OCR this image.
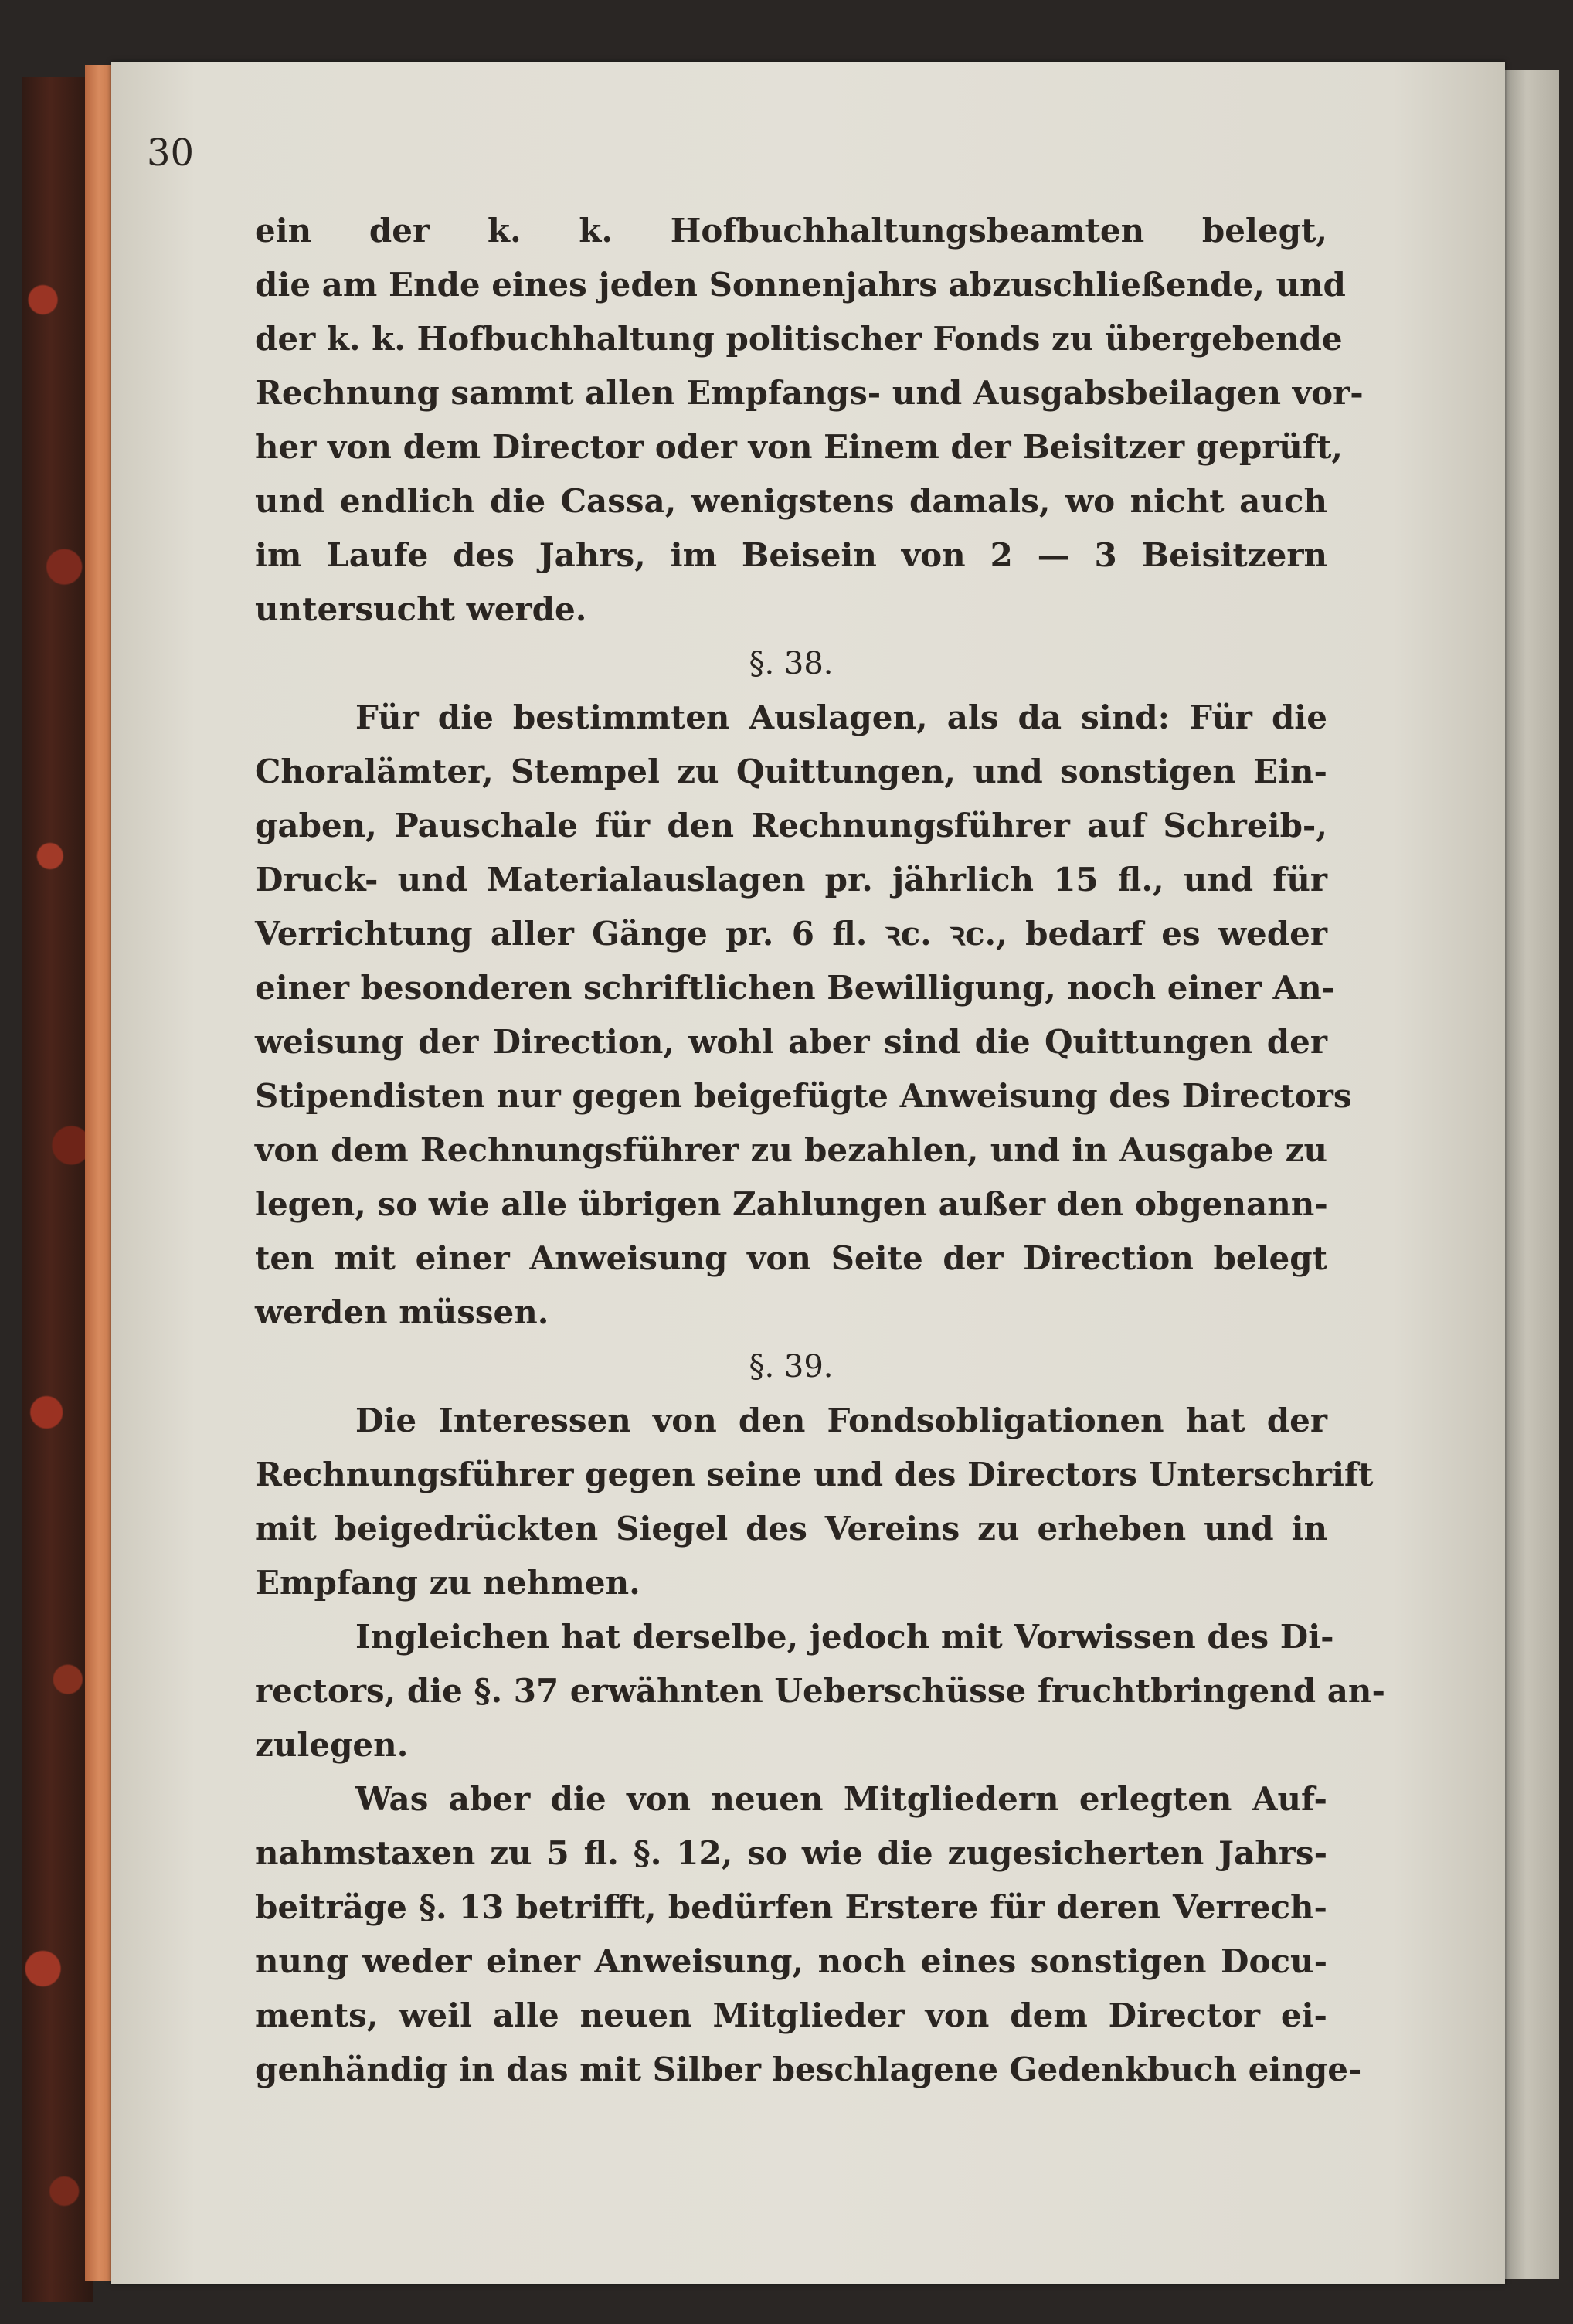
30

ein der k. k. Hofbuchhaltungsbeamten belegt,
die am Ende eines jeden Sonnenjahrs abzuschließende, und
der k. k. Hofbuchhaltung politischer Fonds zu übergebende
Rechnung sammt allen Empfangs- und Ausgabsbeilagen vor-
her von dem Director oder von Einem der Beisitzer geprüft,
und endlich die Cassa, wenigstens damals, wo nicht auch
im Laufe des Jahrs, im Beisein von 2 — 3 Beisitzern
untersucht werde.
§. 38.
Für die bestimmten Auslagen, als da sind: Für die
Choralämter, Stempel zu Quittungen, und sonstigen Ein-
gaben, Pauschale für den Rechnungsführer auf Schreib-,
Druck- und Materialauslagen pr. jährlich 15 fl., und für
Verrichtung aller Gänge pr. 6 fl. ꝛc. ꝛc., bedarf es weder
einer besonderen schriftlichen Bewilligung, noch einer An-
weisung der Direction, wohl aber sind die Quittungen der
Stipendisten nur gegen beigefügte Anweisung des Directors
von dem Rechnungsführer zu bezahlen, und in Ausgabe zu
legen, so wie alle übrigen Zahlungen außer den obgenann-
ten mit einer Anweisung von Seite der Direction belegt
werden müssen.
§. 39.
Die Interessen von den Fondsobligationen hat der
Rechnungsführer gegen seine und des Directors Unterschrift
mit beigedrückten Siegel des Vereins zu erheben und in
Empfang zu nehmen.
Ingleichen hat derselbe, jedoch mit Vorwissen des Di-
rectors, die §. 37 erwähnten Ueberschüsse fruchtbringend an-
zulegen.
Was aber die von neuen Mitgliedern erlegten Auf-
nahmstaxen zu 5 fl. §. 12, so wie die zugesicherten Jahrs-
beiträge §. 13 betrifft, bedürfen Erstere für deren Verrech-
nung weder einer Anweisung, noch eines sonstigen Docu-
ments, weil alle neuen Mitglieder von dem Director ei-
genhändig in das mit Silber beschlagene Gedenkbuch einge-
